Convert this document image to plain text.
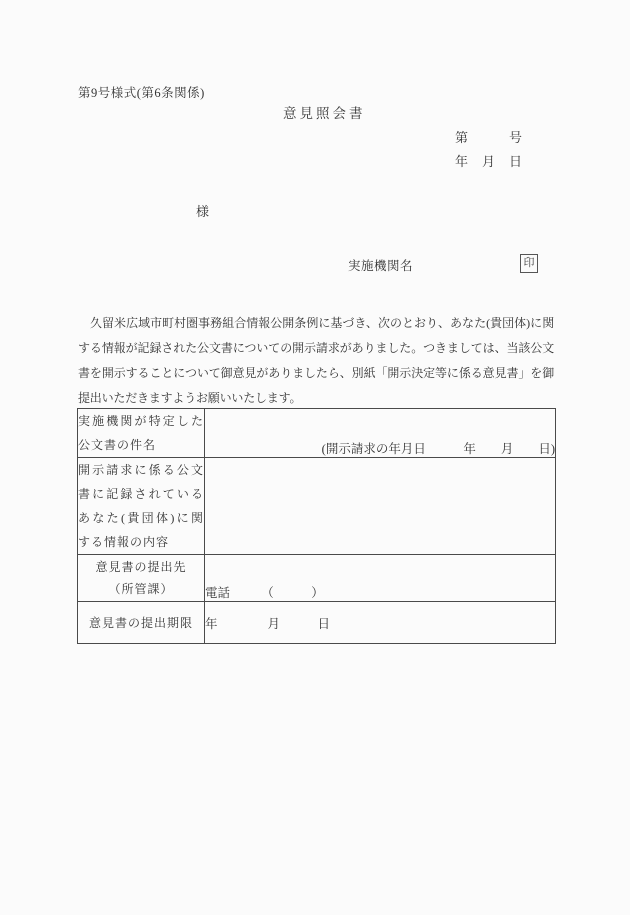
第9号様式(第6条関係)
意見照会書
第	号
年 月 日
様
実施機関名	印
　久留米広域市町村圏事務組合情報公開条例に基づき、次のとおり、あなた(貴団体)に関する情報が記録された公文書についての開示請求がありました。つきましては、当該公文書を開示することについて御意見がありましたら、別紙「開示決定等に係る意見書」を御提出いただきますようお願いいたします。
実施機関が特定した公文書の件名	(開示請求の年月日　　　年　　月　　日)
開示請求に係る公文書に記録されているあなた(貴団体)に関する情報の内容	

意見書の提出先
（所管課）	電話　　　（　　　）
意見書の提出期限	年　　　　月　　　日
